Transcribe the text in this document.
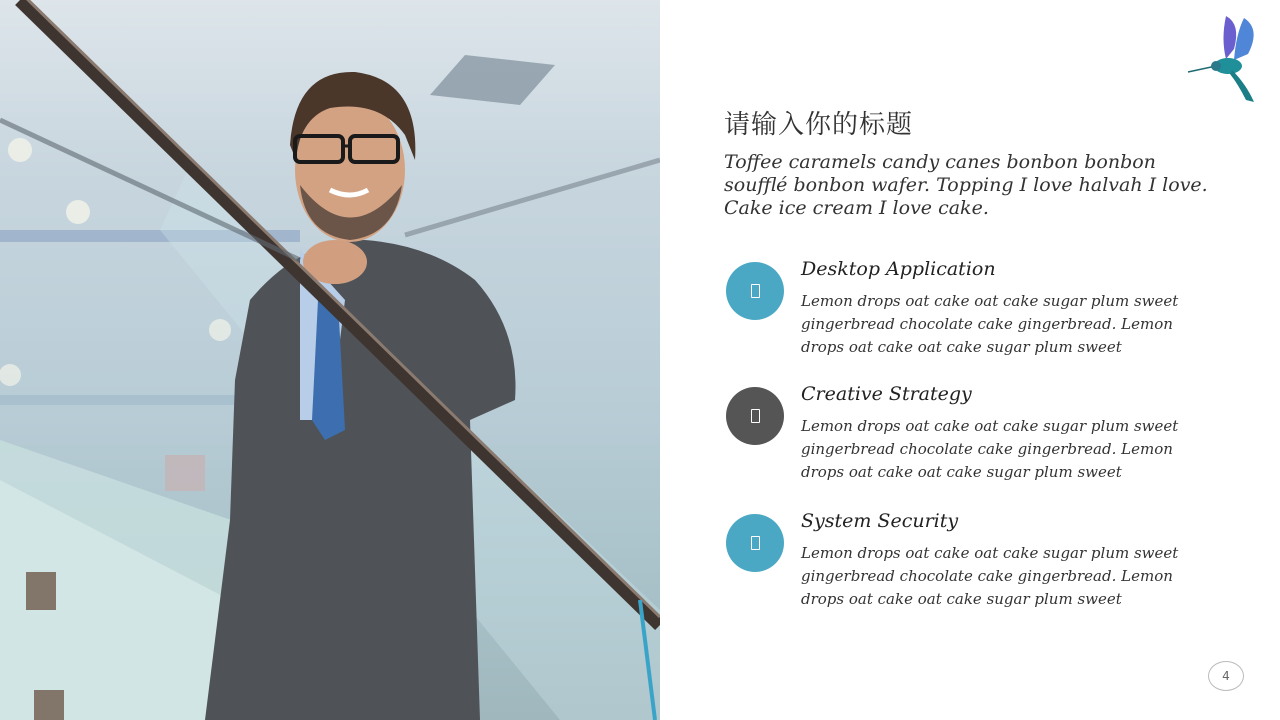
请输入你的标题

Toffee caramels candy canes bonbon bonbon soufflé bonbon wafer. Topping I love halvah I love. Cake ice cream I love cake.

Desktop Application

Lemon drops oat cake oat cake sugar plum sweet gingerbread chocolate cake gingerbread. Lemon drops oat cake oat cake sugar plum sweet

Creative Strategy

Lemon drops oat cake oat cake sugar plum sweet gingerbread chocolate cake gingerbread. Lemon drops oat cake oat cake sugar plum sweet

System Security

Lemon drops oat cake oat cake sugar plum sweet gingerbread chocolate cake gingerbread. Lemon drops oat cake oat cake sugar plum sweet

4
